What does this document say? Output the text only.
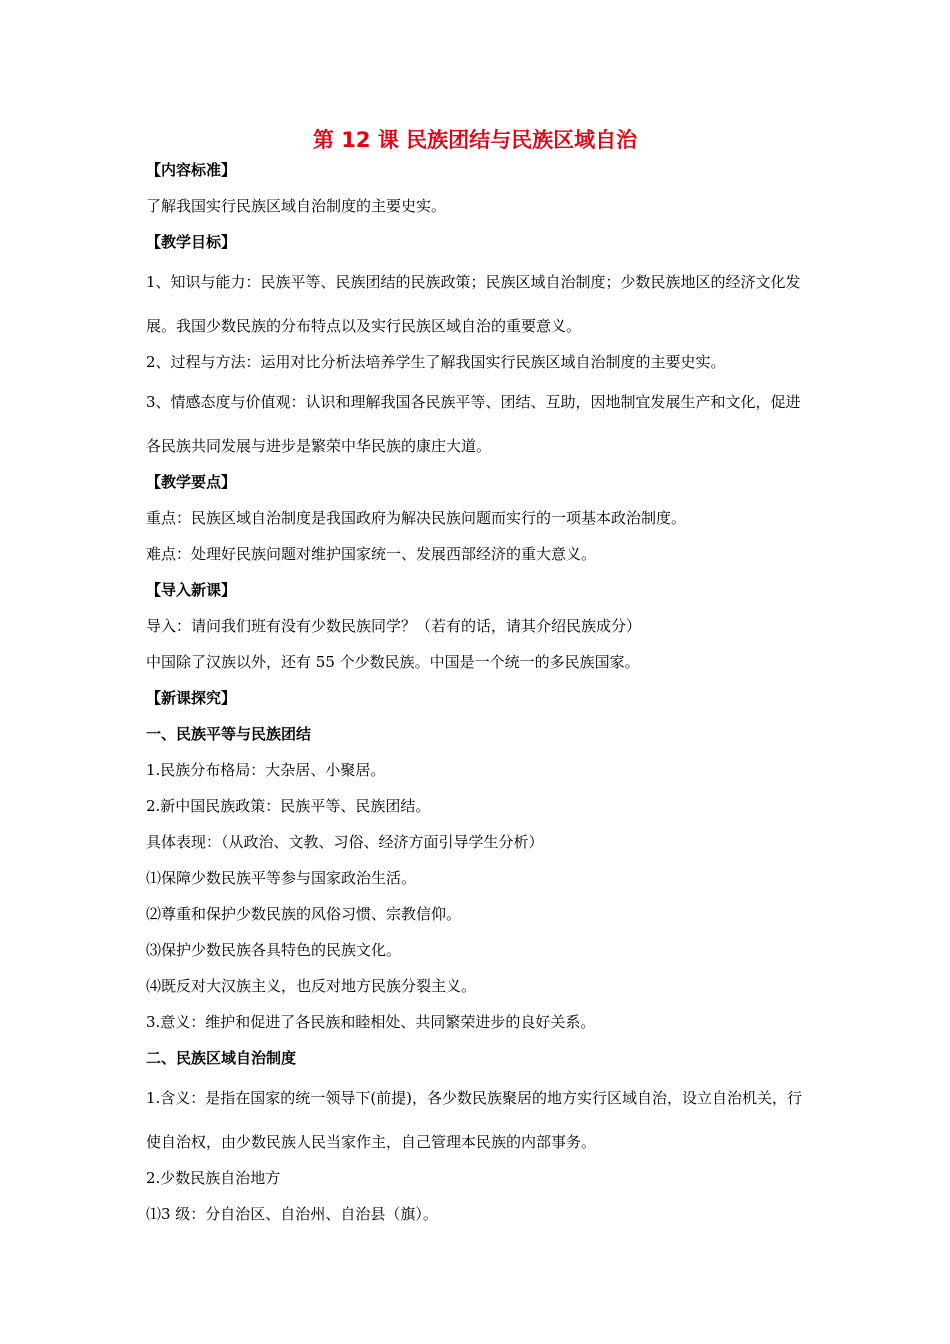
第 12 课 民族团结与民族区域自治
【内容标准】
了解我国实行民族区域自治制度的主要史实。
【教学目标】
1、知识与能力：民族平等、民族团结的民族政策；民族区域自治制度；少数民族地区的经济文化发展。我国少数民族的分布特点以及实行民族区域自治的重要意义。
2、过程与方法：运用对比分析法培养学生了解我国实行民族区域自治制度的主要史实。
3、情感态度与价值观：认识和理解我国各民族平等、团结、互助，因地制宜发展生产和文化，促进各民族共同发展与进步是繁荣中华民族的康庄大道。
【教学要点】
重点：民族区域自治制度是我国政府为解决民族问题而实行的一项基本政治制度。
难点：处理好民族问题对维护国家统一、发展西部经济的重大意义。
【导入新课】
导入：请问我们班有没有少数民族同学？（若有的话，请其介绍民族成分）
中国除了汉族以外，还有 55 个少数民族。中国是一个统一的多民族国家。
【新课探究】
一、民族平等与民族团结
1.民族分布格局：大杂居、小聚居。
2.新中国民族政策：民族平等、民族团结。
具体表现：（从政治、文教、习俗、经济方面引导学生分析）
⑴保障少数民族平等参与国家政治生活。
⑵尊重和保护少数民族的风俗习惯、宗教信仰。
⑶保护少数民族各具特色的民族文化。
⑷既反对大汉族主义，也反对地方民族分裂主义。
3.意义：维护和促进了各民族和睦相处、共同繁荣进步的良好关系。
二、民族区域自治制度
1.含义：是指在国家的统一领导下(前提)，各少数民族聚居的地方实行区域自治，设立自治机关，行使自治权，由少数民族人民当家作主，自己管理本民族的内部事务。
2.少数民族自治地方
⑴3 级：分自治区、自治州、自治县（旗）。
